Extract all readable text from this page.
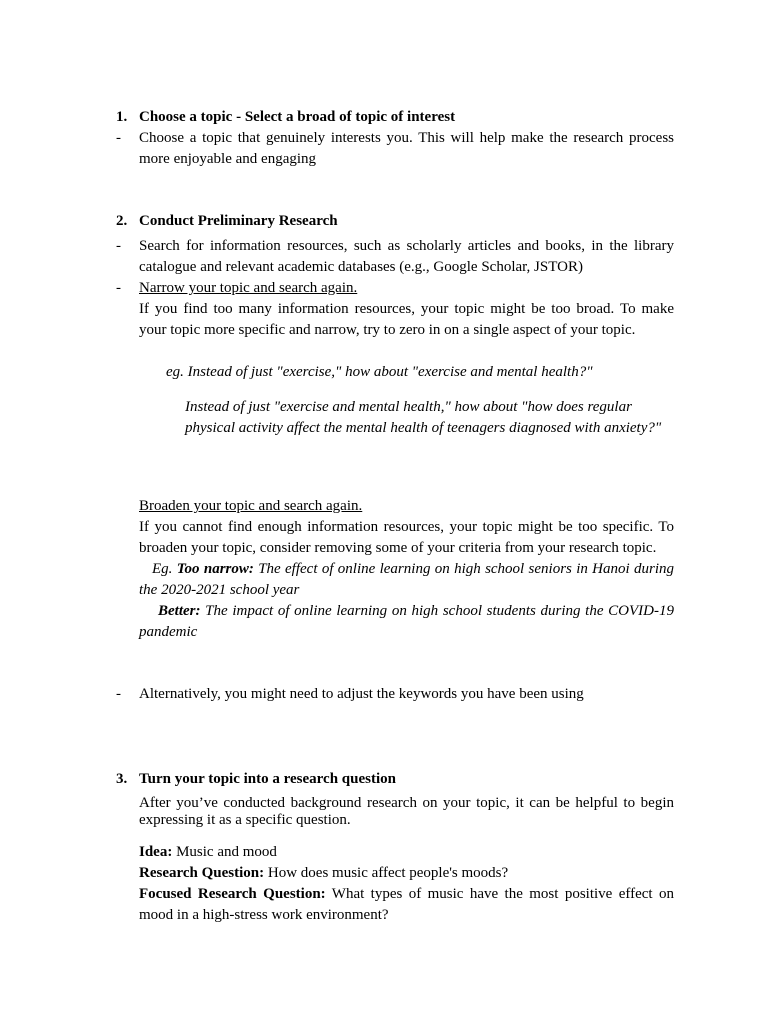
1. Choose a topic - Select a broad of topic of interest
- Choose a topic that genuinely interests you. This will help make the research process more enjoyable and engaging
2. Conduct Preliminary Research
- Search for information resources, such as scholarly articles and books, in the library catalogue and relevant academic databases (e.g., Google Scholar, JSTOR)
- Narrow your topic and search again.
If you find too many information resources, your topic might be too broad. To make your topic more specific and narrow, try to zero in on a single aspect of your topic.
eg. Instead of just "exercise," how about "exercise and mental health?"
Instead of just "exercise and mental health," how about "how does regular physical activity affect the mental health of teenagers diagnosed with anxiety?"
Broaden your topic and search again.
If you cannot find enough information resources, your topic might be too specific. To broaden your topic, consider removing some of your criteria from your research topic.
Eg. Too narrow: The effect of online learning on high school seniors in Hanoi during the 2020-2021 school year
Better: The impact of online learning on high school students during the COVID-19 pandemic
- Alternatively, you might need to adjust the keywords you have been using
3. Turn your topic into a research question
After you’ve conducted background research on your topic, it can be helpful to begin expressing it as a specific question.
Idea: Music and mood
Research Question: How does music affect people's moods?
Focused Research Question: What types of music have the most positive effect on mood in a high-stress work environment?
